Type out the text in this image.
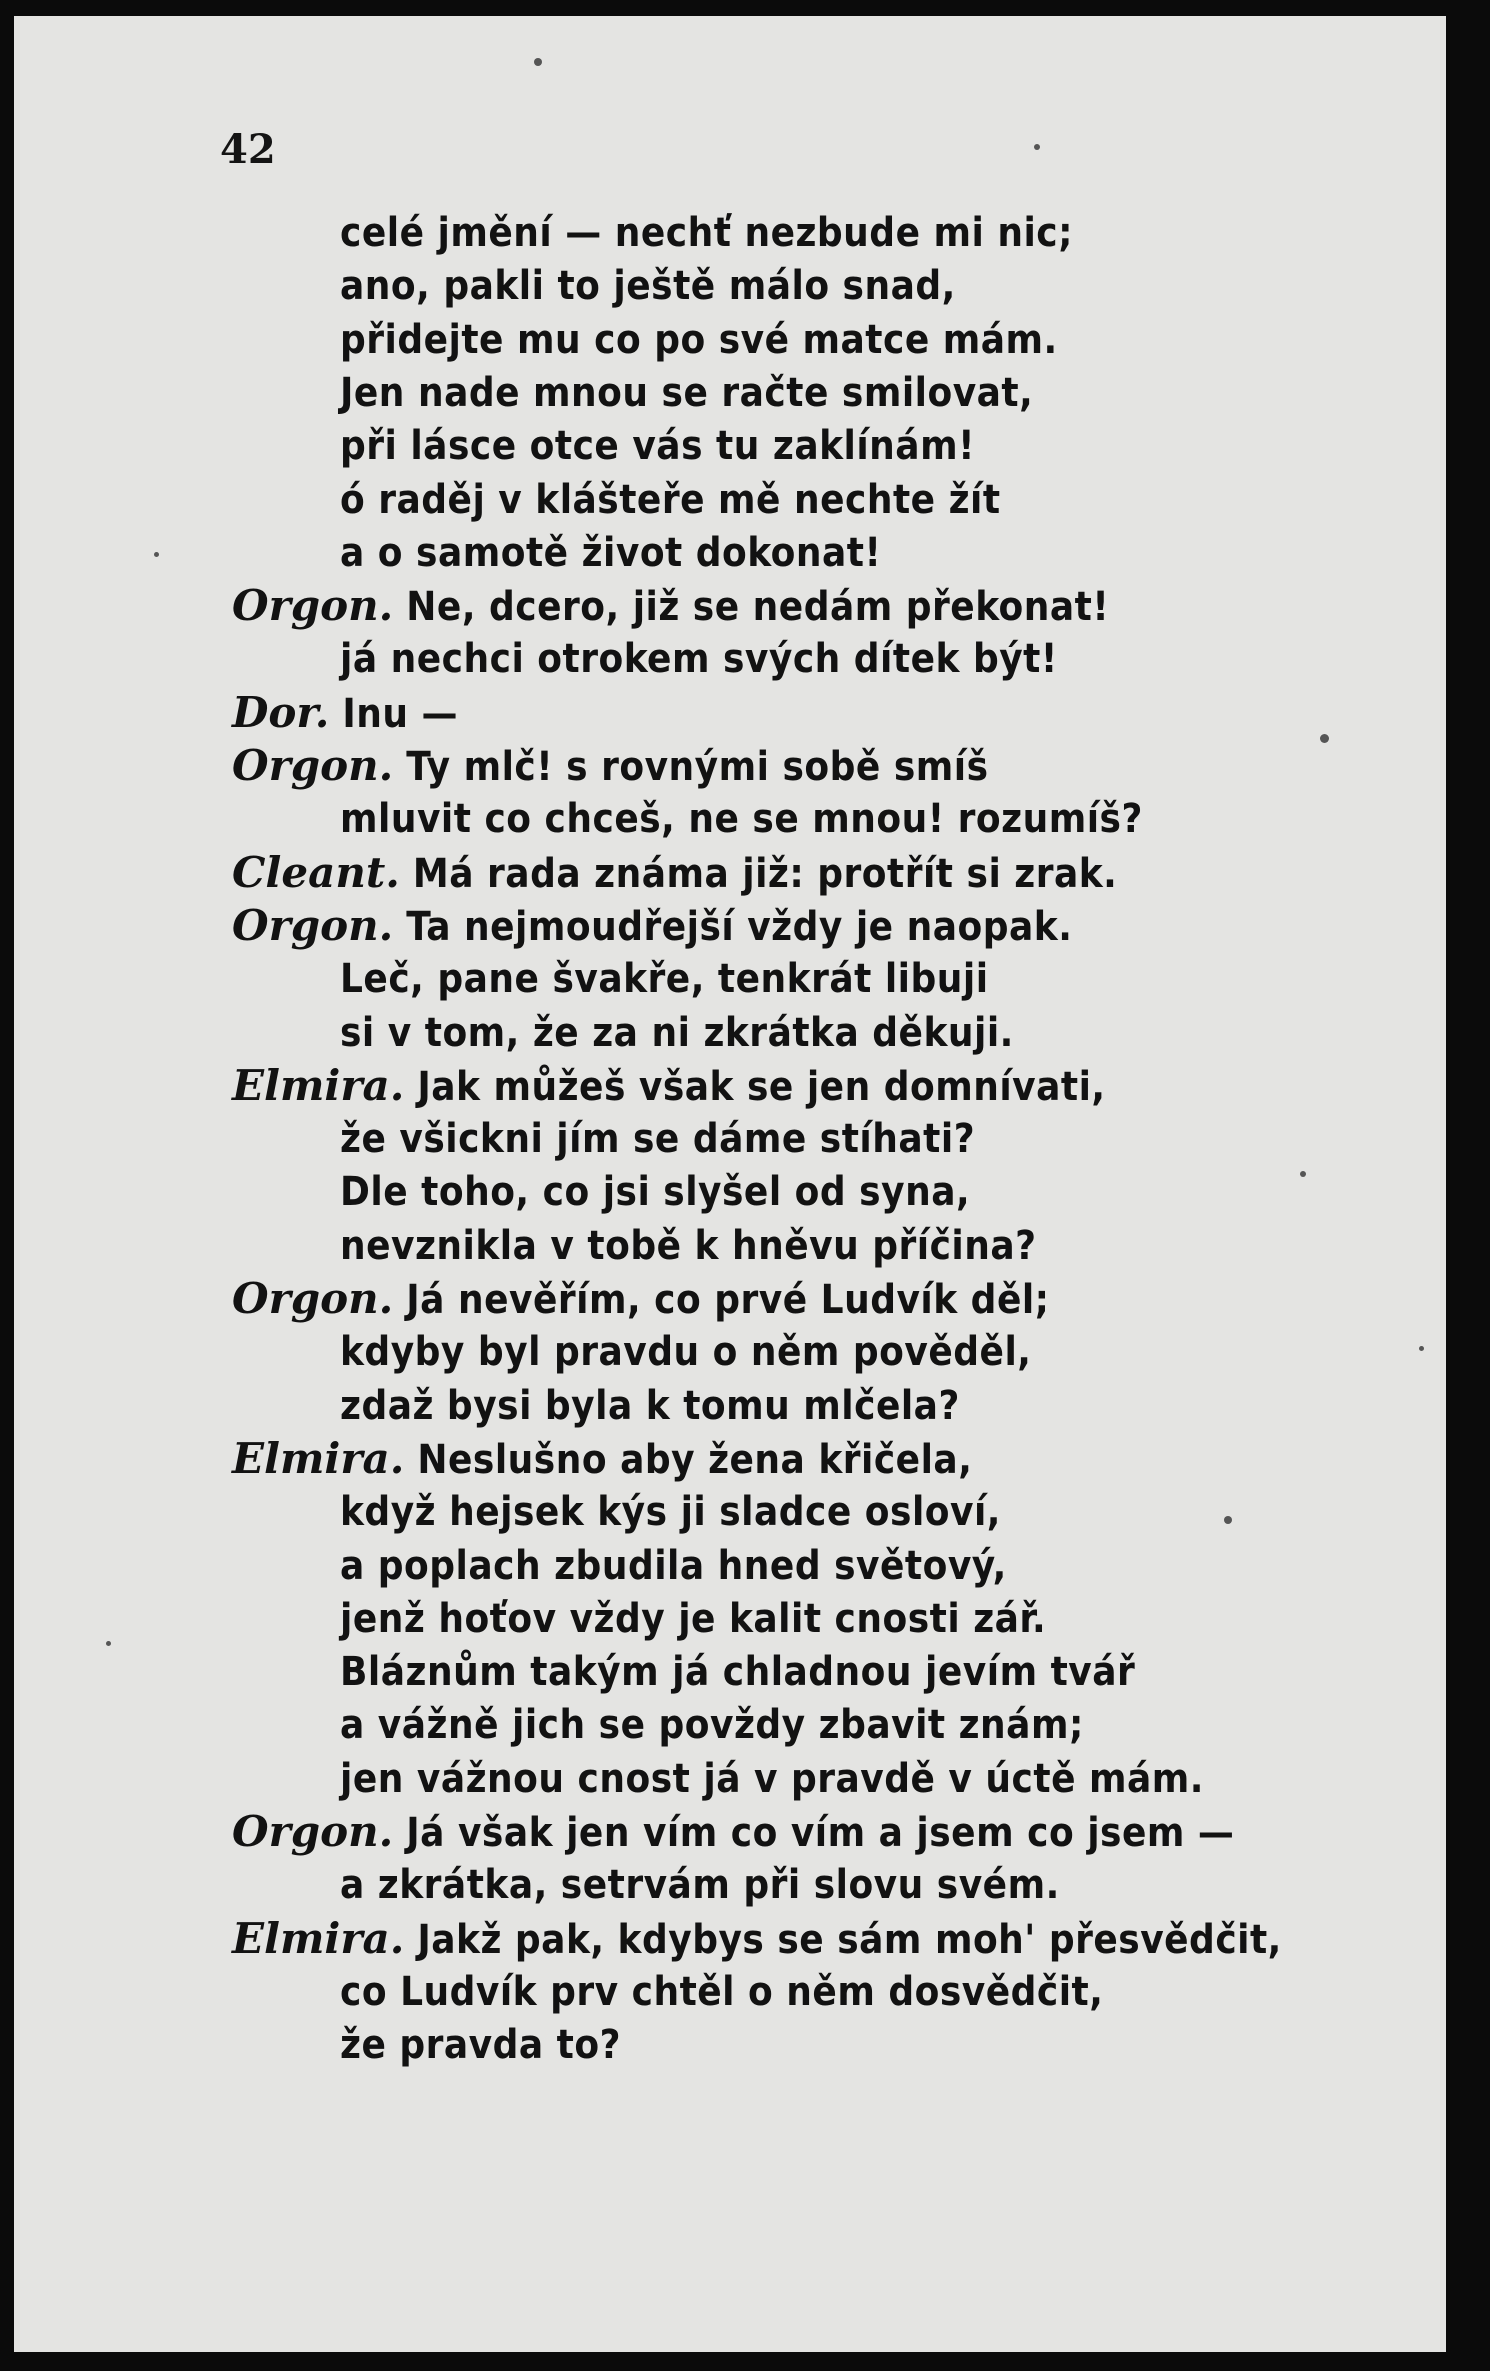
42
celé jmění — nechť nezbude mi nic;
ano, pakli to ještě málo snad,
přidejte mu co po své matce mám.
Jen nade mnou se račte smilovat,
při lásce otce vás tu zaklínám!
ó raděj v klášteře mě nechte žít
a o samotě život dokonat!
Orgon. Ne, dcero, již se nedám překonat!
já nechci otrokem svých dítek být!
Dor. Inu —
Orgon. Ty mlč! s rovnými sobě smíš
mluvit co chceš, ne se mnou! rozumíš?
Cleant. Má rada známa již: protřít si zrak.
Orgon. Ta nejmoudřejší vždy je naopak.
Leč, pane švakře, tenkrát libuji
si v tom, že za ni zkrátka děkuji.
Elmira. Jak můžeš však se jen domnívati,
že všickni jím se dáme stíhati?
Dle toho, co jsi slyšel od syna,
nevznikla v tobě k hněvu příčina?
Orgon. Já nevěřím, co prvé Ludvík děl;
kdyby byl pravdu o něm pověděl,
zdaž bysi byla k tomu mlčela?
Elmira. Neslušno aby žena křičela,
když hejsek kýs ji sladce osloví,
a poplach zbudila hned světový,
jenž hoťov vždy je kalit cnosti zář.
Bláznům takým já chladnou jevím tvář
a vážně jich se povždy zbavit znám;
jen vážnou cnost já v pravdě v úctě mám.
Orgon. Já však jen vím co vím a jsem co jsem —
a zkrátka, setrvám při slovu svém.
Elmira. Jakž pak, kdybys se sám moh' přesvědčit,
co Ludvík prv chtěl o něm dosvědčit,
že pravda to?
